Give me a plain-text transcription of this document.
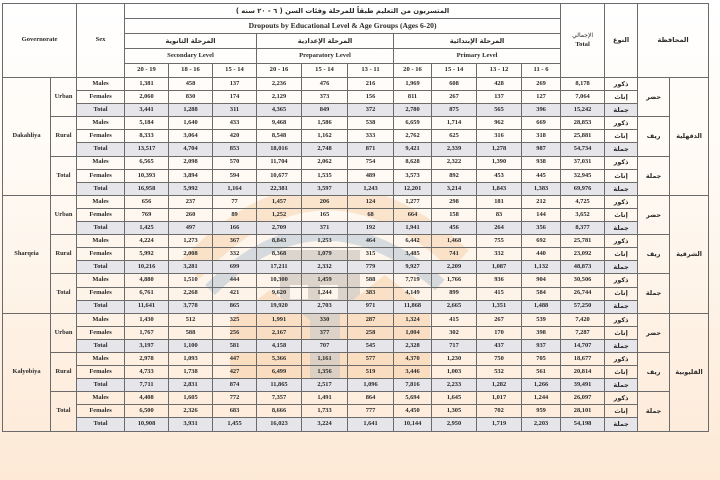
Governorate		Sex	المتسربون من التعليم طبقاً للمرحلة وفئات السن ( ٦ - ٢٠ سنه )										الإجمالي
Total	النوع	المحافظة	
			Dropouts by Educational Level & Age Groups (Ages 6-20)													
			المرحلة الثانوية			المرحلة الإعدادية			المرحلة الإبتدائية							
			Secondary Level			Preparatory Level			Primary Level							
			20 - 19	18 - 16	15 - 14	20 - 16	15 - 14	13 - 11	20 - 16	15 - 14	13 - 12	11 - 6				
Dakahliya	Urban	Males	1,381	458	137	2,236	476	216	1,969	608	428	269	8,178	ذكور	حضر	الدقهلية
		Females	2,060	830	174	2,129	373	156	811	267	137	127	7,064	إناث		
		Total	3,441	1,288	311	4,365	849	372	2,780	875	565	396	15,242	جملة		
	Rural	Males	5,184	1,640	433	9,468	1,586	538	6,659	1,714	962	669	28,853	ذكور	ريف	
		Females	8,333	3,064	420	8,548	1,162	333	2,762	625	316	318	25,881	إناث		
		Total	13,517	4,704	853	18,016	2,748	871	9,421	2,339	1,278	987	54,734	جملة		
	Total	Males	6,565	2,098	570	11,704	2,062	754	8,628	2,322	1,390	938	37,031	ذكور	جملة	
		Females	10,393	3,894	594	10,677	1,535	489	3,573	892	453	445	32,945	إناث		
		Total	16,958	5,992	1,164	22,381	3,597	1,243	12,201	3,214	1,843	1,383	69,976	جملة		
Sharqeia	Urban	Males	656	237	77	1,457	206	124	1,277	298	181	212	4,725	ذكور	حضر	الشرقية
		Females	769	260	89	1,252	165	68	664	158	83	144	3,652	إناث		
		Total	1,425	497	166	2,709	371	192	1,941	456	264	356	8,377	جملة		
	Rural	Males	4,224	1,273	367	8,843	1,253	464	6,442	1,468	755	692	25,781	ذكور	ريف	
		Females	5,992	2,008	332	8,368	1,079	315	3,485	741	332	440	23,092	إناث		
		Total	10,216	3,281	699	17,211	2,332	779	9,927	2,209	1,087	1,132	48,873	جملة		
	Total	Males	4,880	1,510	444	10,300	1,459	588	7,719	1,766	936	904	30,506	ذكور	جملة	
		Females	6,761	2,268	421	9,620	1,244	383	4,149	899	415	584	26,744	إناث		
		Total	11,641	3,778	865	19,920	2,703	971	11,868	2,665	1,351	1,488	57,250	جملة		
Kalyobiya	Urban	Males	1,430	512	325	1,991	330	287	1,324	415	267	539	7,420	ذكور	حضر	القليوبية
		Females	1,767	588	256	2,167	377	258	1,004	302	170	398	7,287	إناث		
		Total	3,197	1,100	581	4,158	707	545	2,328	717	437	937	14,707	جملة		
	Rural	Males	2,978	1,093	447	5,366	1,161	577	4,370	1,230	750	705	18,677	ذكور	ريف	
		Females	4,733	1,738	427	6,499	1,356	519	3,446	1,003	532	561	20,814	إناث		
		Total	7,711	2,831	874	11,865	2,517	1,096	7,816	2,233	1,282	1,266	39,491	جملة		
	Total	Males	4,408	1,605	772	7,357	1,491	864	5,694	1,645	1,017	1,244	26,097	ذكور	جملة	
		Females	6,500	2,326	683	8,666	1,733	777	4,450	1,305	702	959	28,101	إناث		
		Total	10,908	3,931	1,455	16,023	3,224	1,641	10,144	2,950	1,719	2,203	54,198	جملة		
